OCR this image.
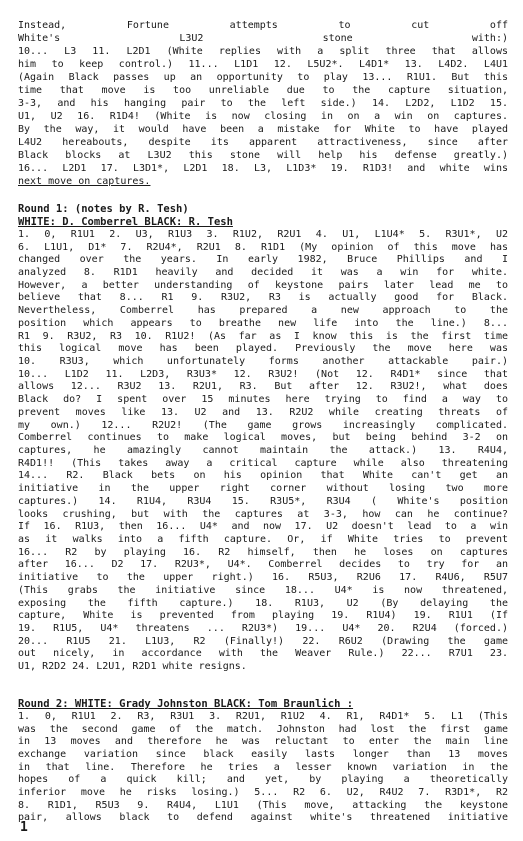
Instead, Fortune attempts to cut off
White's L3U2 stone with:)
10... L3 11. L2D1 (White replies with a split three that allows
him to keep control.) 11... L1D1 12. L5U2*. L4D1* 13. L4D2. L4U1
(Again Black passes up an opportunity to play 13... R1U1. But this
time that move is too unreliable due to the capture situation,
3-3, and his hanging pair to the left side.) 14. L2D2, L1D2 15.
U1, U2 16. R1D4! (White is now closing in on a win on captures.
By the way, it would have been a mistake for White to have played
L4U2 hereabouts, despite its apparent attractiveness, since after
Black blocks at L3U2 this stone will help his defense greatly.)
16... L2D1 17. L3D1*, L2D1 18. L3, L1D3* 19. R1D3! and white wins
next move on captures.
Round 1: (notes by R. Tesh)
WHITE: D. Comberrel BLACK: R. Tesh
1. 0, R1U1 2. U3, R1U3 3. R1U2, R2U1 4. U1, L1U4* 5. R3U1*, U2
6. L1U1, D1* 7. R2U4*, R2U1 8. R1D1 (My opinion of this move has
changed over the years. In early 1982, Bruce Phillips and I
analyzed 8. R1D1 heavily and decided it was a win for white.
However, a better understanding of keystone pairs later lead me to
believe that 8... R1 9. R3U2, R3 is actually good for Black.
Nevertheless, Comberrel has prepared a new approach to the
position which appears to breathe new life into the line.) 8...
R1 9. R3U2, R3 10. R1U2! (As far as I know this is the first time
this logical move has been played. Previously the move here was
10. R3U3, which unfortunately forms another attackable pair.)
10... L1D2 11. L2D3, R3U3* 12. R3U2! (Not 12. R4D1* since that
allows 12... R3U2 13. R2U1, R3. But after 12. R3U2!, what does
Black do? I spent over 15 minutes here trying to find a way to
prevent moves like 13. U2 and 13. R2U2 while creating threats of
my own.) 12... R2U2! (The game grows increasingly complicated.
Comberrel continues to make logical moves, but being behind 3-2 on
captures, he amazingly cannot maintain the attack.) 13. R4U4,
R4D1!! (This takes away a critical capture while also threatening
14... R2. Black bets on his opinion that White can't get an
initiative in the upper right corner without losing two more
captures.) 14. R1U4, R3U4 15. R3U5*, R3U4 ( White's position
looks crushing, but with the captures at 3-3, how can he continue?
If 16. R1U3, then 16... U4* and now 17. U2 doesn't lead to a win
as it walks into a fifth capture. Or, if White tries to prevent
16... R2 by playing 16. R2 himself, then he loses on captures
after 16... D2 17. R2U3*, U4*. Comberrel decides to try for an
initiative to the upper right.) 16. R5U3, R2U6 17. R4U6, R5U7
(This grabs the initiative since 18... U4* is now threatened,
exposing the fifth capture.) 18. R1U3, U2 (By delaying the
capture, White is prevented from playing 19. R1U4) 19. R1U1 (If
19. R1U5, U4* threatens ... R2U3*) 19... U4* 20. R2U4 (forced.)
20... R1U5 21. L1U3, R2 (Finally!) 22. R6U2 (Drawing the game
out nicely, in accordance with the Weaver Rule.) 22... R7U1 23.
U1, R2D2 24. L2U1, R2D1 white resigns.
Round 2: WHITE: Grady Johnston BLACK: Tom Braunlich :
1. 0, R1U1 2. R3, R3U1 3. R2U1, R1U2 4. R1, R4D1* 5. L1 (This
was the second game of the match. Johnston had lost the first game
in 13 moves and therefore he was reluctant to enter the main line
exchange variation since black easily lasts longer than 13 moves
in that line. Therefore he tries a lesser known variation in the
hopes of a quick kill; and yet, by playing a theoretically
inferior move he risks losing.) 5... R2 6. U2, R4U2 7. R3D1*, R2
8. R1D1, R5U3 9. R4U4, L1U1 (This move, attacking the keystone
pair, allows black to defend against white's threatened initiative
1
